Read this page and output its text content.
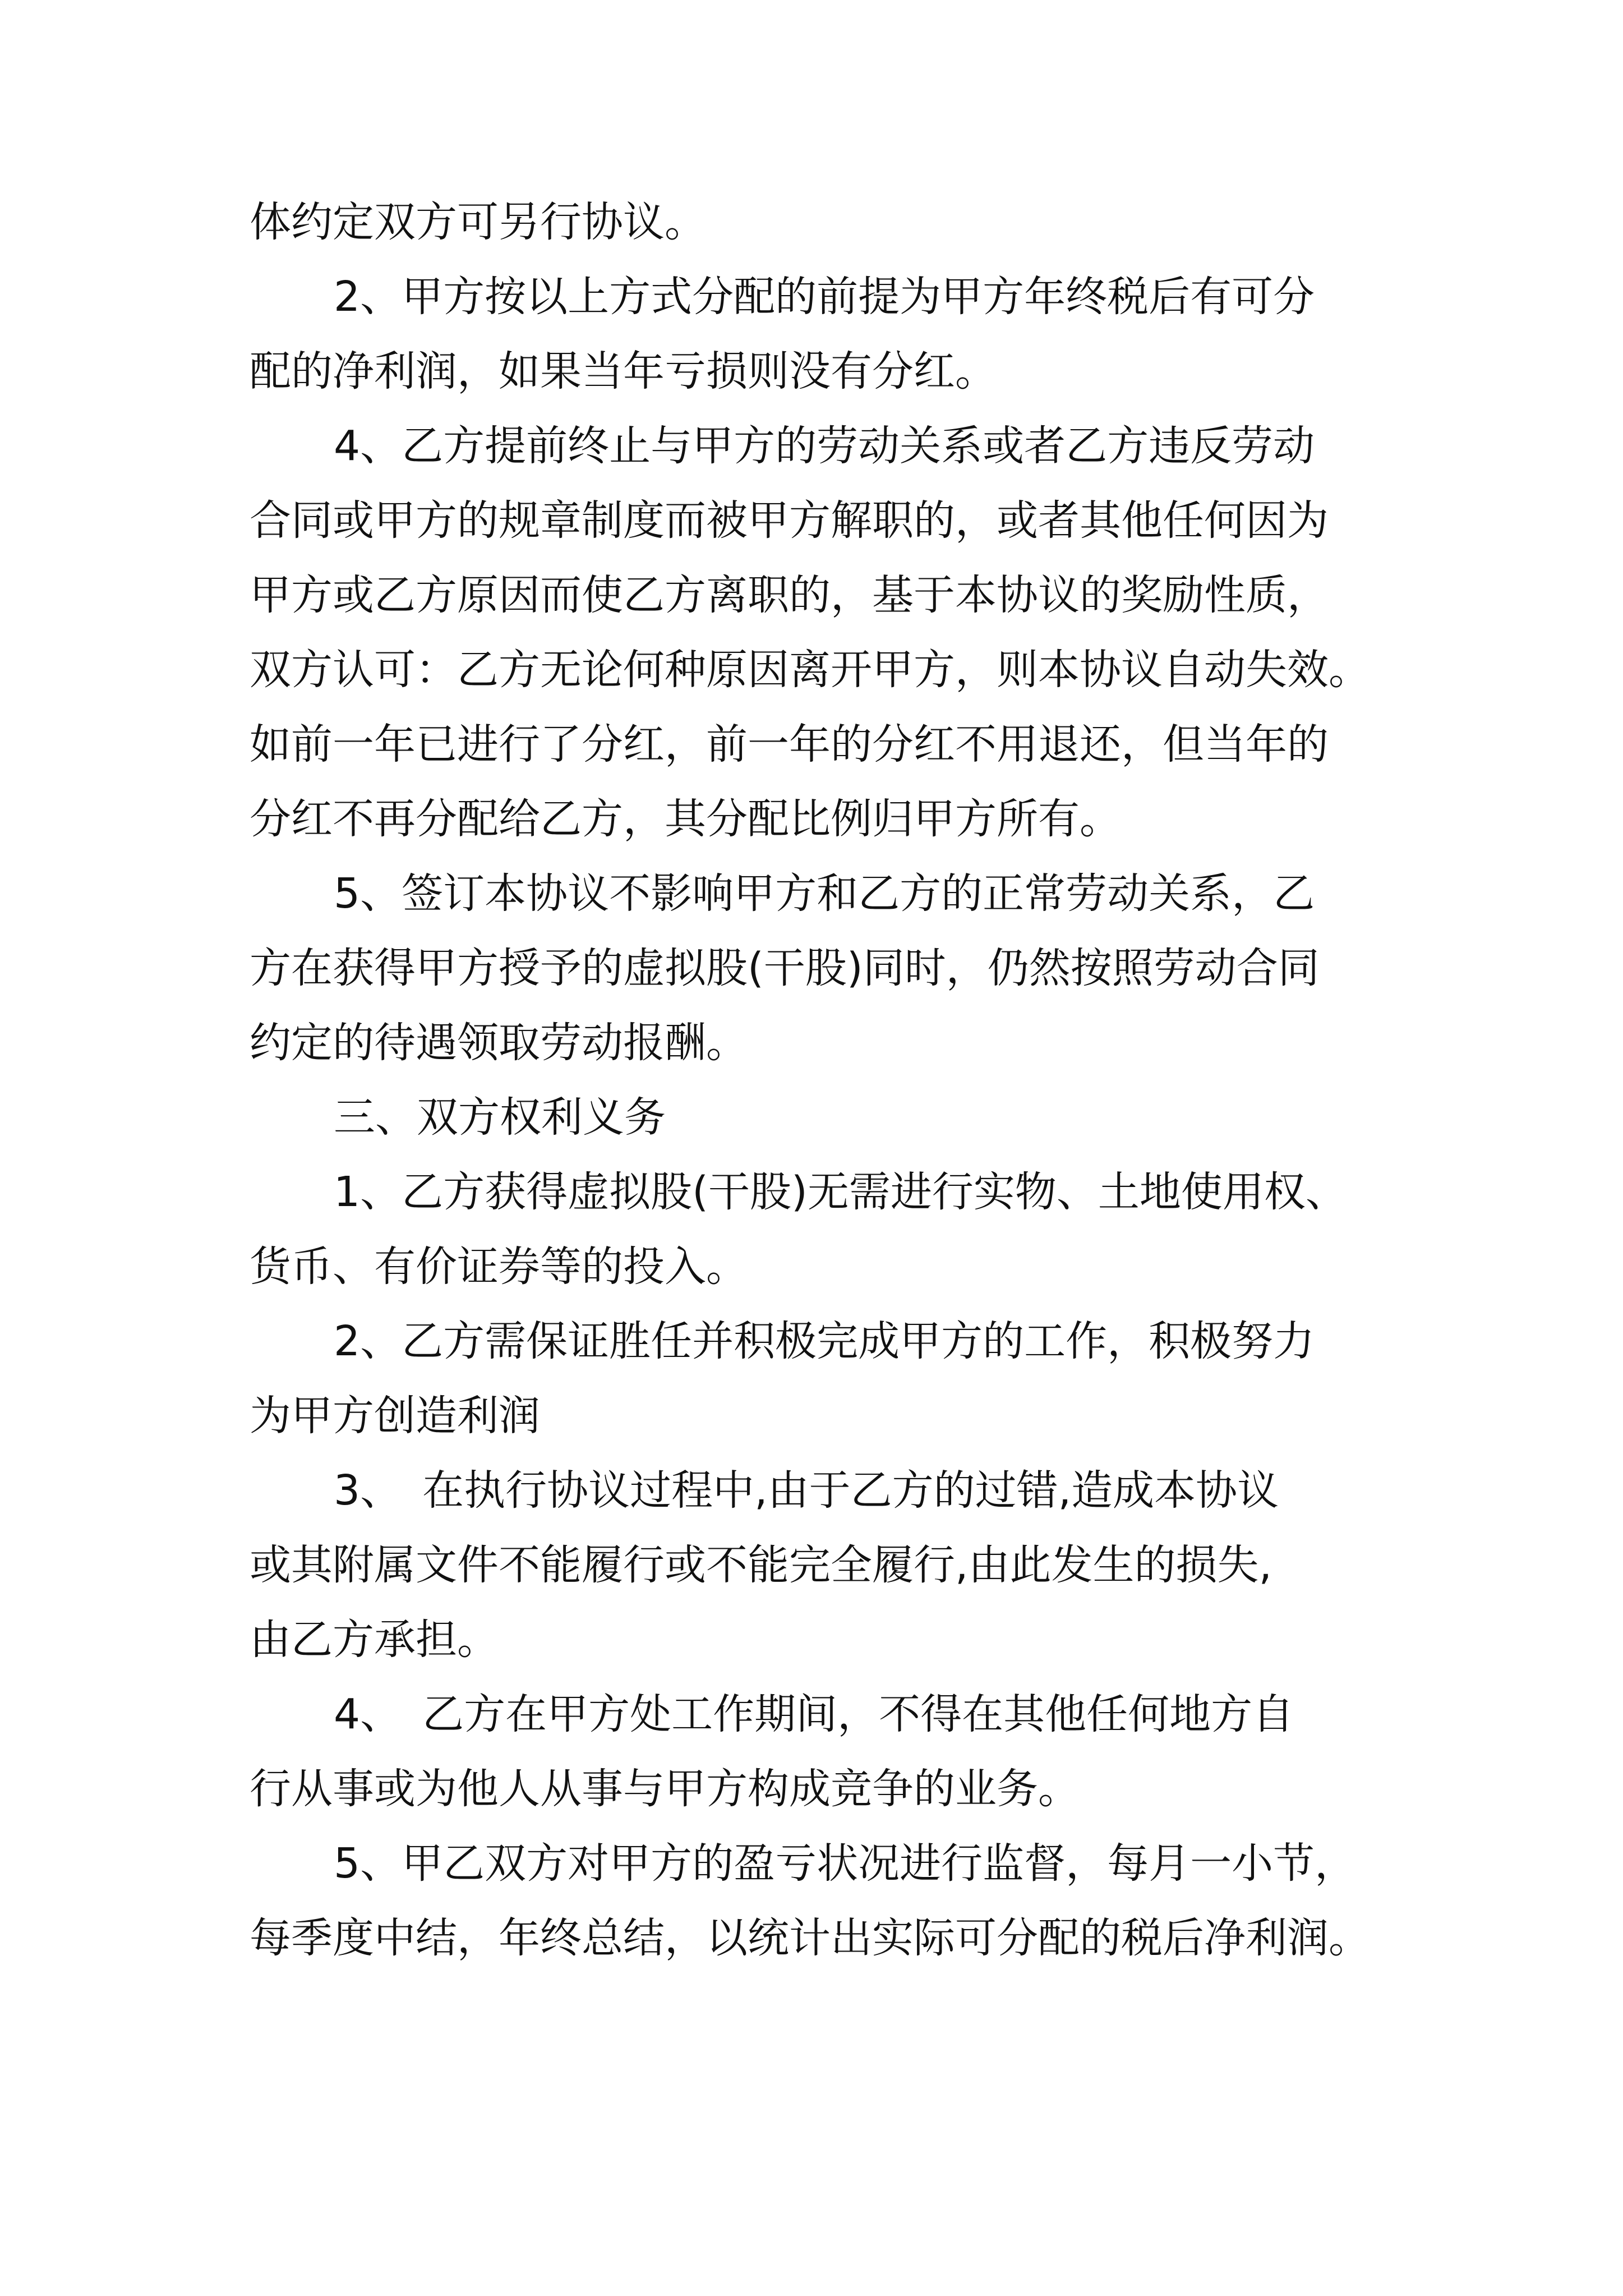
体约定双方可另行协议。
2、甲方按以上方式分配的前提为甲方年终税后有可分
配的净利润，如果当年亏损则没有分红。
4、乙方提前终止与甲方的劳动关系或者乙方违反劳动
合同或甲方的规章制度而被甲方解职的，或者其他任何因为
甲方或乙方原因而使乙方离职的，基于本协议的奖励性质，
双方认可：乙方无论何种原因离开甲方，则本协议自动失效。
如前一年已进行了分红，前一年的分红不用退还，但当年的
分红不再分配给乙方，其分配比例归甲方所有。
5、签订本协议不影响甲方和乙方的正常劳动关系，乙
方在获得甲方授予的虚拟股(干股)同时，仍然按照劳动合同
约定的待遇领取劳动报酬。
三、双方权利义务
1、乙方获得虚拟股(干股)无需进行实物、土地使用权、
货币、有价证券等的投入。
2、乙方需保证胜任并积极完成甲方的工作，积极努力
为甲方创造利润
3、　在执行协议过程中,由于乙方的过错,造成本协议
或其附属文件不能履行或不能完全履行,由此发生的损失,
由乙方承担。
4、　乙方在甲方处工作期间，不得在其他任何地方自
行从事或为他人从事与甲方构成竞争的业务。
5、甲乙双方对甲方的盈亏状况进行监督，每月一小节，
每季度中结，年终总结，以统计出实际可分配的税后净利润。
